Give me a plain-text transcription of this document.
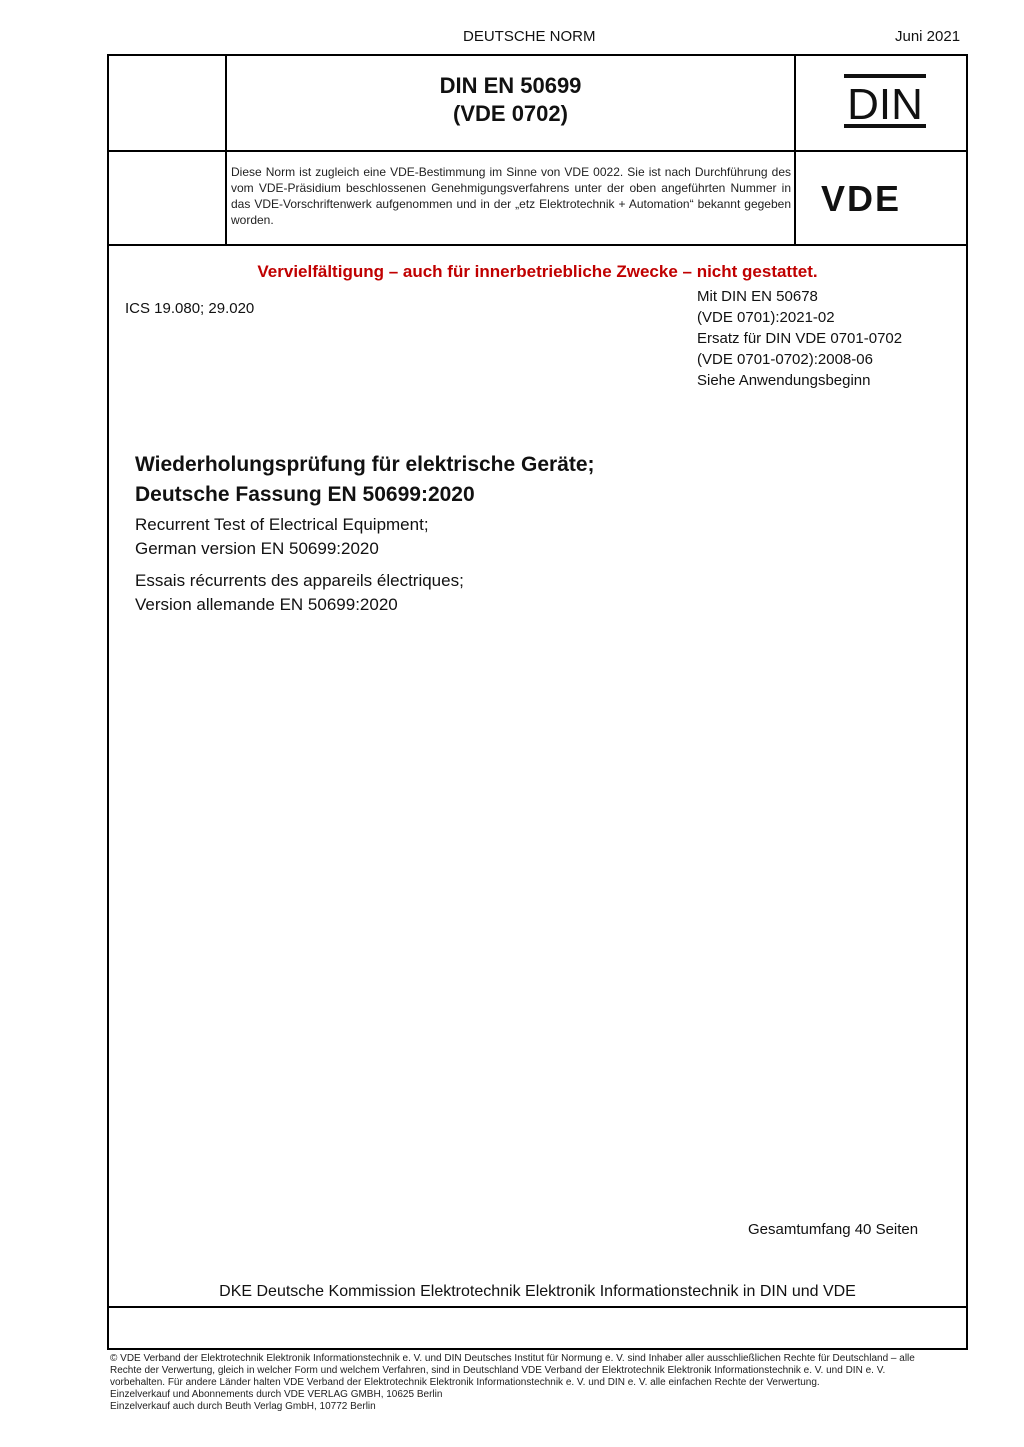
DEUTSCHE NORM	Juni 2021
DIN EN 50699
(VDE 0702)	DIN
Diese Norm ist zugleich eine VDE-Bestimmung im Sinne von VDE 0022. Sie ist nach Durchführung des vom VDE-Präsidium beschlossenen Genehmigungsverfahrens unter der oben angeführten Nummer in das VDE-Vorschriftenwerk aufgenommen und in der „etz Elektrotechnik + Automation“ bekannt gegeben worden.
VDE
Vervielfältigung – auch für innerbetriebliche Zwecke – nicht gestattet.
ICS 19.080; 29.020
Mit DIN EN 50678
(VDE 0701):2021-02
Ersatz für DIN VDE 0701-0702
(VDE 0701-0702):2008-06
Siehe Anwendungsbeginn
Wiederholungsprüfung für elektrische Geräte;
Deutsche Fassung EN 50699:2020
Recurrent Test of Electrical Equipment;
German version EN 50699:2020
Essais récurrents des appareils électriques;
Version allemande EN 50699:2020
Gesamtumfang 40 Seiten
DKE Deutsche Kommission Elektrotechnik Elektronik Informationstechnik in DIN und VDE
© VDE Verband der Elektrotechnik Elektronik Informationstechnik e. V. und DIN Deutsches Institut für Normung e. V. sind Inhaber aller ausschließlichen Rechte für Deutschland – alle Rechte der Verwertung, gleich in welcher Form und welchem Verfahren, sind in Deutschland VDE Verband der Elektrotechnik Elektronik Informationstechnik e. V. und DIN e. V. vorbehalten. Für andere Länder halten VDE Verband der Elektrotechnik Elektronik Informationstechnik e. V. und DIN e. V. alle einfachen Rechte der Verwertung.
Einzelverkauf und Abonnements durch VDE VERLAG GMBH, 10625 Berlin
Einzelverkauf auch durch Beuth Verlag GmbH, 10772 Berlin
